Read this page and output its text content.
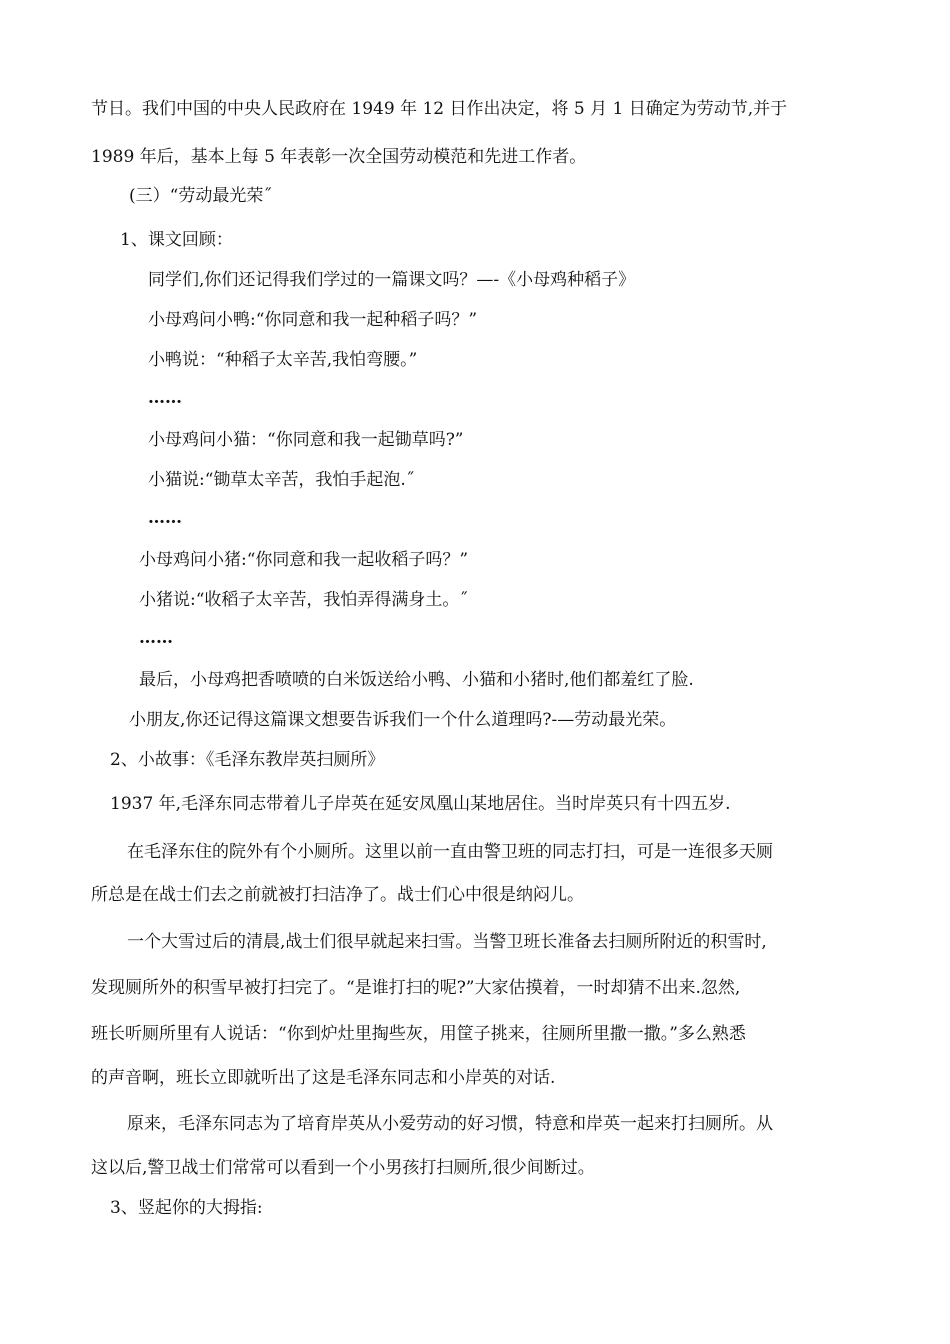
节日。我们中国的中央人民政府在 1949 年 12 日作出决定，将 5 月 1 日确定为劳动节,并于
1989 年后，基本上每 5 年表彰一次全国劳动模范和先进工作者。
(三）“劳动最光荣˝
1、课文回顾：
同学们,你们还记得我们学过的一篇课文吗？—-《小母鸡种稻子》
小母鸡问小鸭:“你同意和我一起种稻子吗？”
小鸭说：“种稻子太辛苦,我怕弯腰。”
……
小母鸡问小猫：“你同意和我一起锄草吗?”
小猫说:“锄草太辛苦，我怕手起泡.˝
……
小母鸡问小猪:“你同意和我一起收稻子吗？”
小猪说:“收稻子太辛苦，我怕弄得满身土。˝
……
最后，小母鸡把香喷喷的白米饭送给小鸭、小猫和小猪时,他们都羞红了脸.
小朋友,你还记得这篇课文想要告诉我们一个什么道理吗?-—劳动最光荣。
2、小故事：《毛泽东教岸英扫厕所》
1937 年,毛泽东同志带着儿子岸英在延安凤凰山某地居住。当时岸英只有十四五岁.
在毛泽东住的院外有个小厕所。这里以前一直由警卫班的同志打扫，可是一连很多天厕
所总是在战士们去之前就被打扫洁净了。战士们心中很是纳闷儿。
一个大雪过后的清晨,战士们很早就起来扫雪。当警卫班长准备去扫厕所附近的积雪时,
发现厕所外的积雪早被打扫完了。“是谁打扫的呢?”大家估摸着，一时却猜不出来.忽然,
班长听厕所里有人说话：“你到炉灶里掏些灰，用筐子挑来，往厕所里撒一撒。”多么熟悉
的声音啊，班长立即就听出了这是毛泽东同志和小岸英的对话.
原来，毛泽东同志为了培育岸英从小爱劳动的好习惯，特意和岸英一起来打扫厕所。从
这以后,警卫战士们常常可以看到一个小男孩打扫厕所,很少间断过。
3、竖起你的大拇指:
